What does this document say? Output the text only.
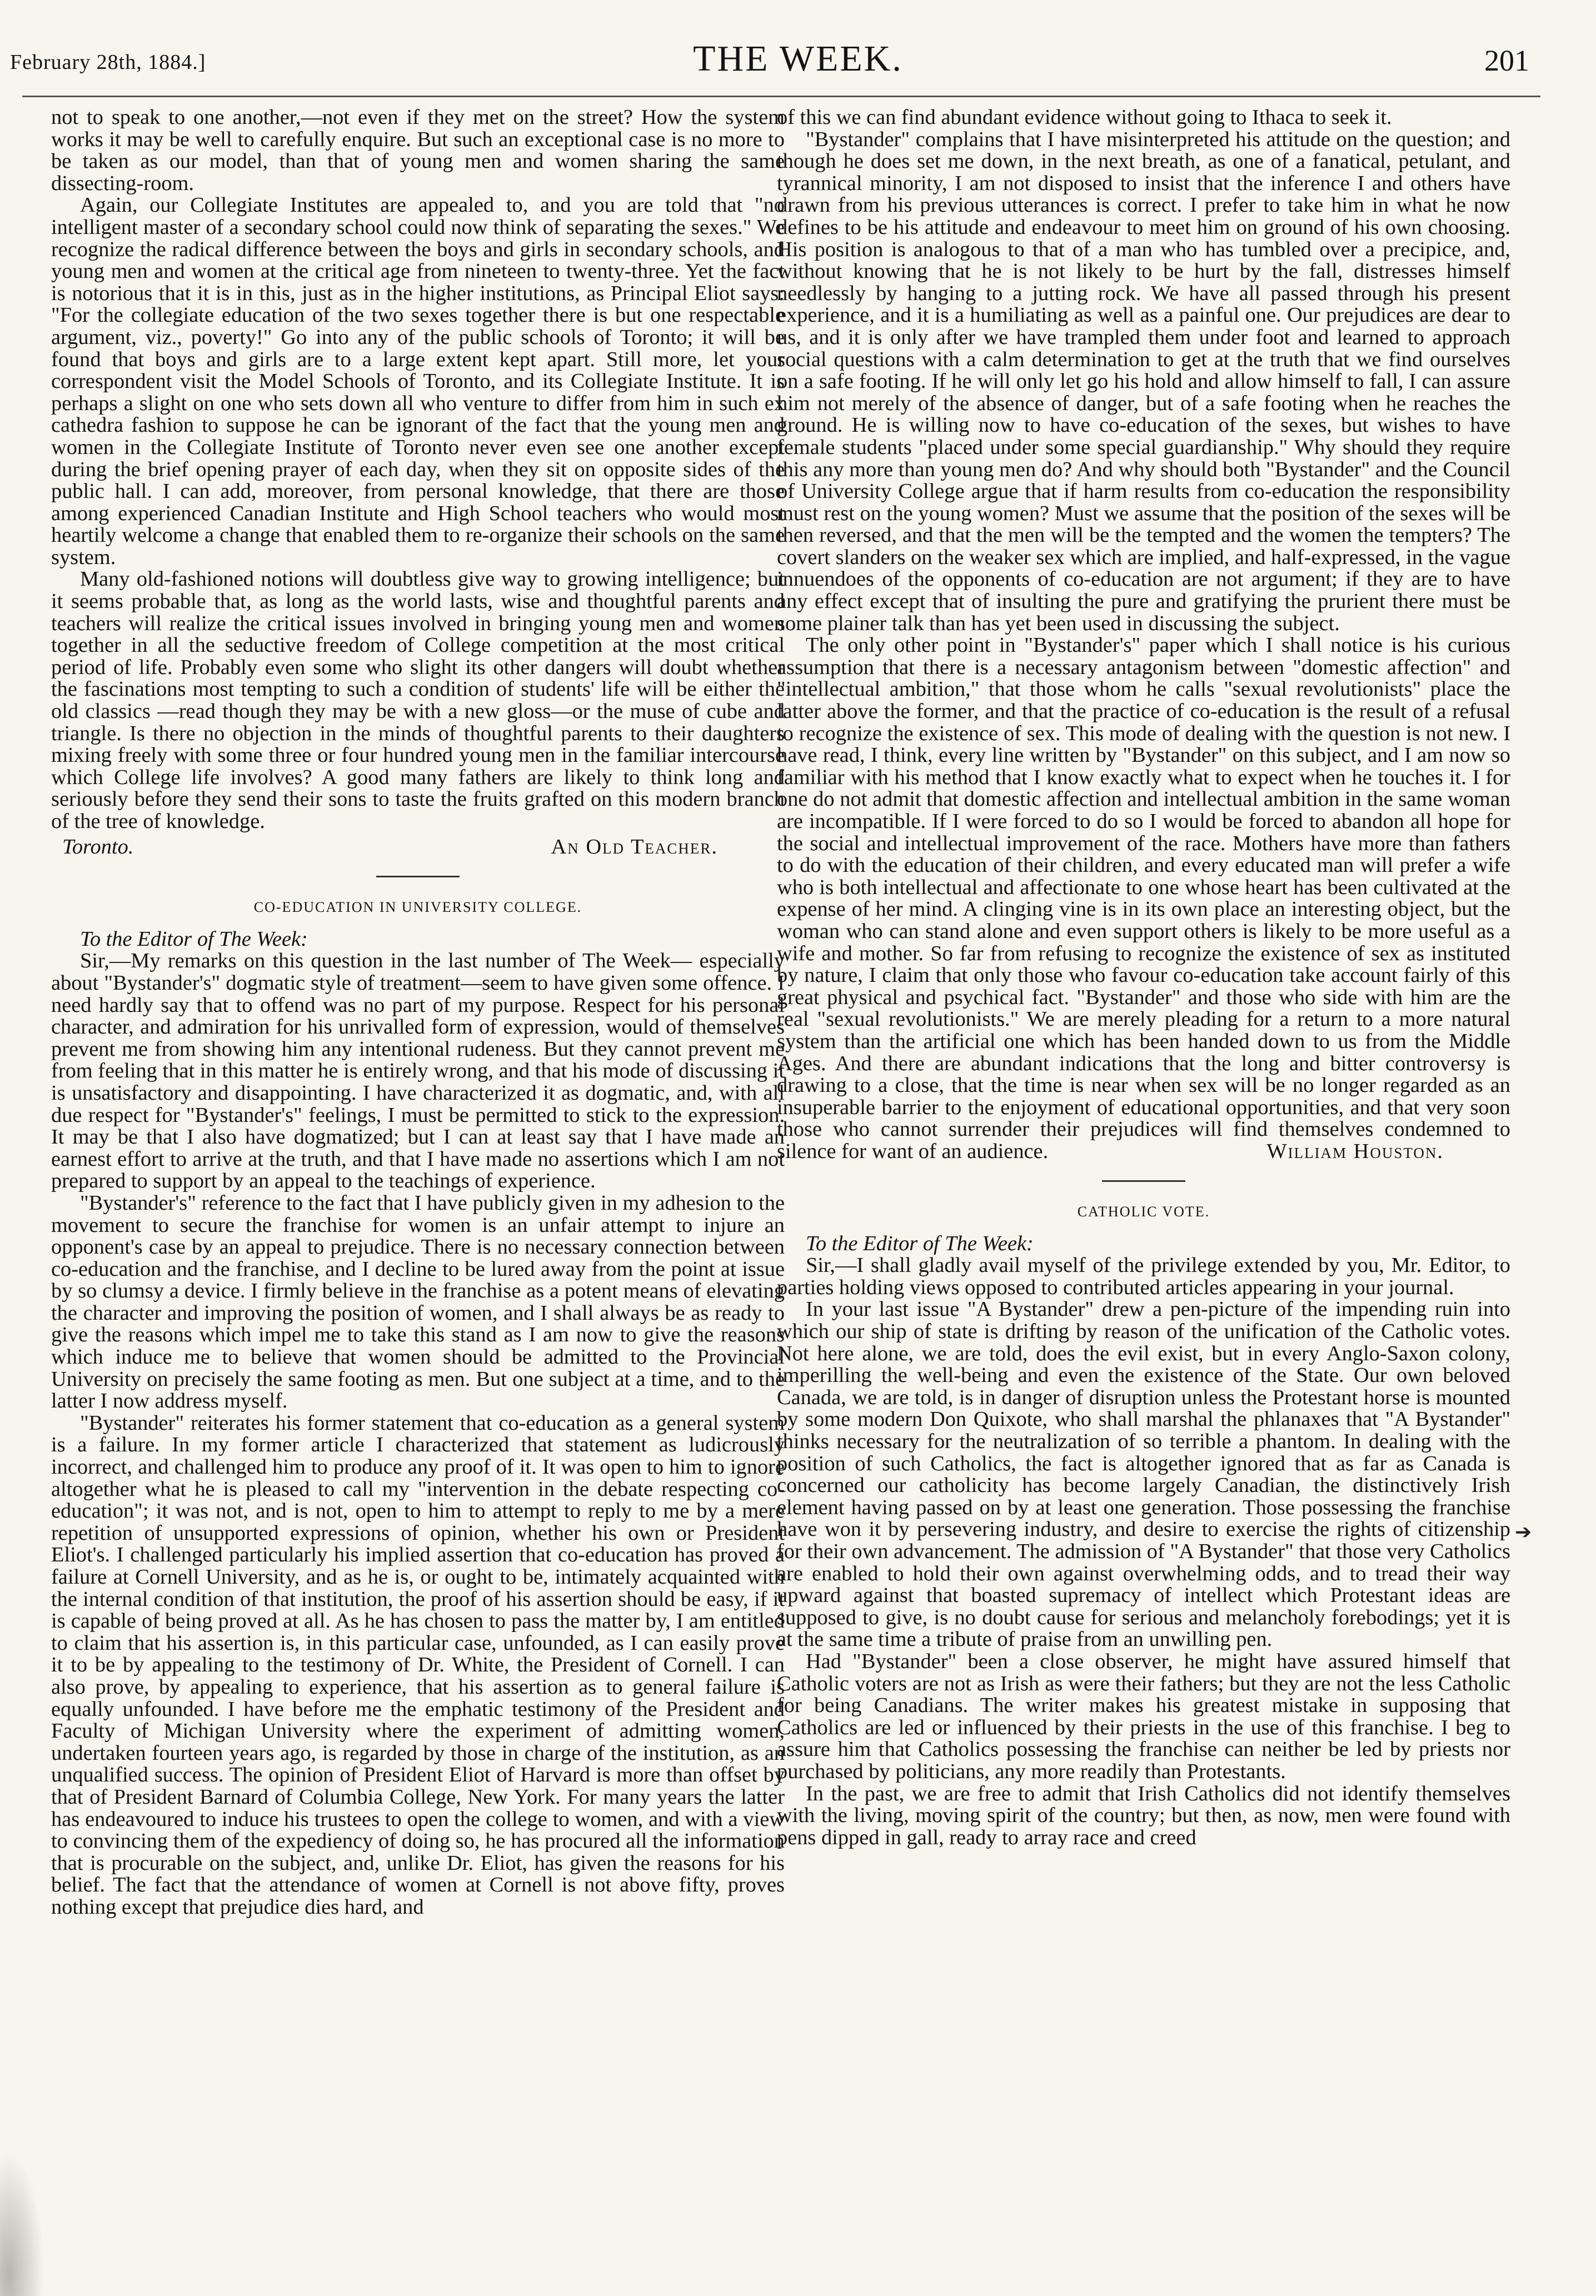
February 28th, 1884.]	THE WEEK.	201

not to speak to one another,—not even if they met on the street? How the system works it may be well to carefully enquire. But such an exceptional case is no more to be taken as our model, than that of young men and women sharing the same dissecting-room.

Again, our Collegiate Institutes are appealed to, and you are told that "no intelligent master of a secondary school could now think of separating the sexes." We recognize the radical difference between the boys and girls in secondary schools, and young men and women at the critical age from nineteen to twenty-three. Yet the fact is notorious that it is in this, just as in the higher institutions, as Principal Eliot says: "For the collegiate education of the two sexes together there is but one respectable argument, viz., poverty!" Go into any of the public schools of Toronto; it will be found that boys and girls are to a large extent kept apart. Still more, let your correspondent visit the Model Schools of Toronto, and its Collegiate Institute. It is perhaps a slight on one who sets down all who venture to differ from him in such ex cathedra fashion to suppose he can be ignorant of the fact that the young men and women in the Collegiate Institute of Toronto never even see one another except during the brief opening prayer of each day, when they sit on opposite sides of the public hall. I can add, moreover, from personal knowledge, that there are those among experienced Canadian Institute and High School teachers who would most heartily welcome a change that enabled them to re-organize their schools on the same system.

Many old-fashioned notions will doubtless give way to growing intelligence; but it seems probable that, as long as the world lasts, wise and thoughtful parents and teachers will realize the critical issues involved in bringing young men and women together in all the seductive freedom of College competition at the most critical period of life. Probably even some who slight its other dangers will doubt whether the fascinations most tempting to such a condition of students' life will be either the old classics —read though they may be with a new gloss—or the muse of cube and triangle. Is there no objection in the minds of thoughtful parents to their daughters mixing freely with some three or four hundred young men in the familiar intercourse which College life involves? A good many fathers are likely to think long and seriously before they send their sons to taste the fruits grafted on this modern branch of the tree of knowledge.

Toronto.	An Old Teacher.
CO-EDUCATION IN UNIVERSITY COLLEGE.

To the Editor of The Week:

Sir,—My remarks on this question in the last number of The Week— especially about "Bystander's" dogmatic style of treatment—seem to have given some offence. I need hardly say that to offend was no part of my purpose. Respect for his personal character, and admiration for his unrivalled form of expression, would of themselves prevent me from showing him any intentional rudeness. But they cannot prevent me from feeling that in this matter he is entirely wrong, and that his mode of discussing it is unsatisfactory and disappointing. I have characterized it as dogmatic, and, with all due respect for "Bystander's" feelings, I must be permitted to stick to the expression. It may be that I also have dogmatized; but I can at least say that I have made an earnest effort to arrive at the truth, and that I have made no assertions which I am not prepared to support by an appeal to the teachings of experience.

"Bystander's" reference to the fact that I have publicly given in my adhesion to the movement to secure the franchise for women is an unfair attempt to injure an opponent's case by an appeal to prejudice. There is no necessary connection between co-education and the franchise, and I decline to be lured away from the point at issue by so clumsy a device. I firmly believe in the franchise as a potent means of elevating the character and improving the position of women, and I shall always be as ready to give the reasons which impel me to take this stand as I am now to give the reasons which induce me to believe that women should be admitted to the Provincial University on precisely the same footing as men. But one subject at a time, and to the latter I now address myself.

"Bystander" reiterates his former statement that co-education as a general system is a failure. In my former article I characterized that statement as ludicrously incorrect, and challenged him to produce any proof of it. It was open to him to ignore altogether what he is pleased to call my "intervention in the debate respecting co-education"; it was not, and is not, open to him to attempt to reply to me by a mere repetition of unsupported expressions of opinion, whether his own or President Eliot's. I challenged particularly his implied assertion that co-education has proved a failure at Cornell University, and as he is, or ought to be, intimately acquainted with the internal condition of that institution, the proof of his assertion should be easy, if it is capable of being proved at all. As he has chosen to pass the matter by, I am entitled to claim that his assertion is, in this particular case, unfounded, as I can easily prove it to be by appealing to the testimony of Dr. White, the President of Cornell. I can also prove, by appealing to experience, that his assertion as to general failure is equally unfounded. I have before me the emphatic testimony of the President and Faculty of Michigan University where the experiment of admitting women, undertaken fourteen years ago, is regarded by those in charge of the institution, as an unqualified success. The opinion of President Eliot of Harvard is more than offset by that of President Barnard of Columbia College, New York. For many years the latter has endeavoured to induce his trustees to open the college to women, and with a view to convincing them of the expediency of doing so, he has procured all the information that is procurable on the subject, and, unlike Dr. Eliot, has given the reasons for his belief. The fact that the attendance of women at Cornell is not above fifty, proves nothing except that prejudice dies hard, and

of this we can find abundant evidence without going to Ithaca to seek it.

"Bystander" complains that I have misinterpreted his attitude on the question; and though he does set me down, in the next breath, as one of a fanatical, petulant, and tyrannical minority, I am not disposed to insist that the inference I and others have drawn from his previous utterances is correct. I prefer to take him in what he now defines to be his attitude and endeavour to meet him on ground of his own choosing. His position is analogous to that of a man who has tumbled over a precipice, and, without knowing that he is not likely to be hurt by the fall, distresses himself needlessly by hanging to a jutting rock. We have all passed through his present experience, and it is a humiliating as well as a painful one. Our prejudices are dear to us, and it is only after we have trampled them under foot and learned to approach social questions with a calm determination to get at the truth that we find ourselves on a safe footing. If he will only let go his hold and allow himself to fall, I can assure him not merely of the absence of danger, but of a safe footing when he reaches the ground. He is willing now to have co-education of the sexes, but wishes to have female students "placed under some special guardianship." Why should they require this any more than young men do? And why should both "Bystander" and the Council of University College argue that if harm results from co-education the responsibility must rest on the young women? Must we assume that the position of the sexes will be then reversed, and that the men will be the tempted and the women the tempters? The covert slanders on the weaker sex which are implied, and half-expressed, in the vague innuendoes of the opponents of co-education are not argument; if they are to have any effect except that of insulting the pure and gratifying the prurient there must be some plainer talk than has yet been used in discussing the subject.

The only other point in "Bystander's" paper which I shall notice is his curious assumption that there is a necessary antagonism between "domestic affection" and "intellectual ambition," that those whom he calls "sexual revolutionists" place the latter above the former, and that the practice of co-education is the result of a refusal to recognize the existence of sex. This mode of dealing with the question is not new. I have read, I think, every line written by "Bystander" on this subject, and I am now so familiar with his method that I know exactly what to expect when he touches it. I for one do not admit that domestic affection and intellectual ambition in the same woman are incompatible. If I were forced to do so I would be forced to abandon all hope for the social and intellectual improvement of the race. Mothers have more than fathers to do with the education of their children, and every educated man will prefer a wife who is both intellectual and affectionate to one whose heart has been cultivated at the expense of her mind. A clinging vine is in its own place an interesting object, but the woman who can stand alone and even support others is likely to be more useful as a wife and mother. So far from refusing to recognize the existence of sex as instituted by nature, I claim that only those who favour co-education take account fairly of this great physical and psychical fact. "Bystander" and those who side with him are the real "sexual revolutionists." We are merely pleading for a return to a more natural system than the artificial one which has been handed down to us from the Middle Ages. And there are abundant indications that the long and bitter controversy is drawing to a close, that the time is near when sex will be no longer regarded as an insuperable barrier to the enjoyment of educational opportunities, and that very soon those who cannot surrender their prejudices will find themselves condemned to silence for want of an audience.	William Houston.
CATHOLIC VOTE.

To the Editor of The Week:

Sir,—I shall gladly avail myself of the privilege extended by you, Mr. Editor, to parties holding views opposed to contributed articles appearing in your journal.

In your last issue "A Bystander" drew a pen-picture of the impending ruin into which our ship of state is drifting by reason of the unification of the Catholic votes. Not here alone, we are told, does the evil exist, but in every Anglo-Saxon colony, imperilling the well-being and even the existence of the State. Our own beloved Canada, we are told, is in danger of disruption unless the Protestant horse is mounted by some modern Don Quixote, who shall marshal the phlanaxes that "A Bystander" thinks necessary for the neutralization of so terrible a phantom. In dealing with the position of such Catholics, the fact is altogether ignored that as far as Canada is concerned our catholicity has become largely Canadian, the distinctively Irish element having passed on by at least one generation. Those possessing the franchise have won it by persevering industry, and desire to exercise the rights of citizenship for their own advancement. The admission of "A Bystander" that those very Catholics are enabled to hold their own against overwhelming odds, and to tread their way upward against that boasted supremacy of intellect which Protestant ideas are supposed to give, is no doubt cause for serious and melancholy forebodings; yet it is at the same time a tribute of praise from an unwilling pen.

Had "Bystander" been a close observer, he might have assured himself that Catholic voters are not as Irish as were their fathers; but they are not the less Catholic for being Canadians. The writer makes his greatest mistake in supposing that Catholics are led or influenced by their priests in the use of this franchise. I beg to assure him that Catholics possessing the franchise can neither be led by priests nor purchased by politicians, any more readily than Protestants.

In the past, we are free to admit that Irish Catholics did not identify themselves with the living, moving spirit of the country; but then, as now, men were found with pens dipped in gall, ready to array race and creed

➔
